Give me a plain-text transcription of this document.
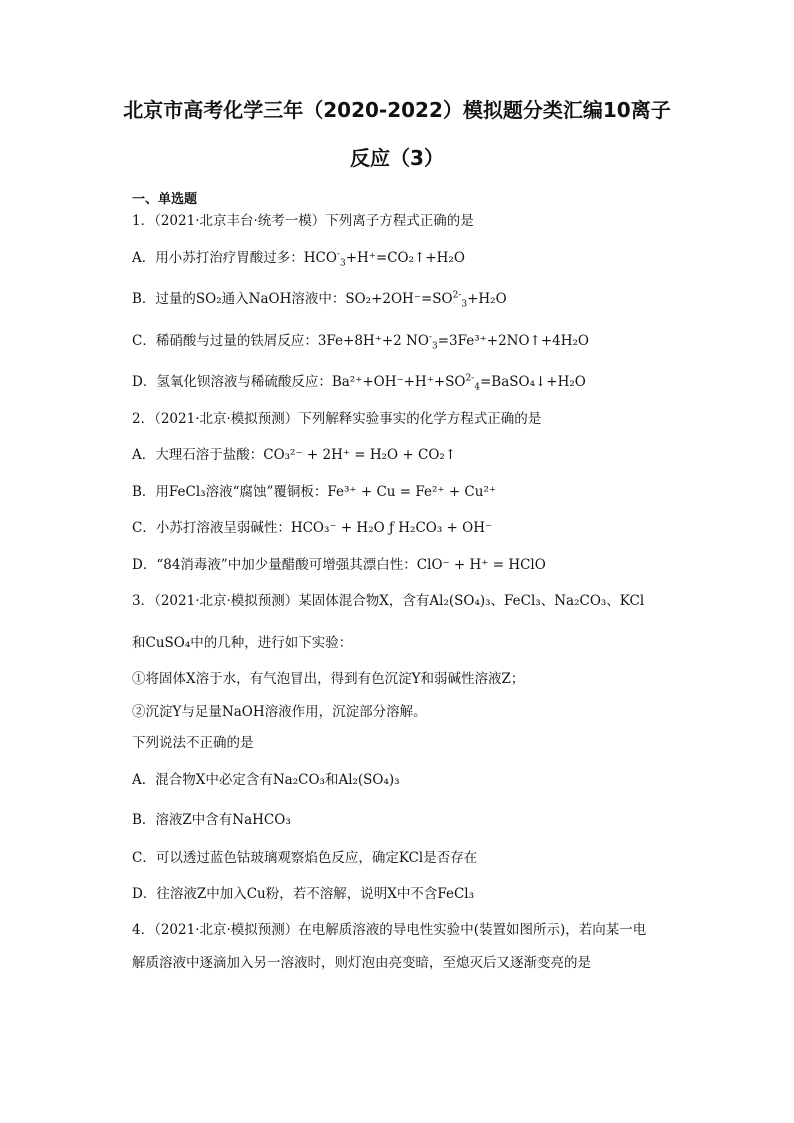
北京市高考化学三年（2020-2022）模拟题分类汇编10离子
反应（3）
一、单选题
1．（2021·北京丰台·统考一模）下列离子方程式正确的是
A．用小苏打治疗胃酸过多：$HCO^-_3+H^+=CO_2↑+H_2O$
B．过量的SO₂通入NaOH溶液中：$SO_2+2OH^-=SO^{2-}_3+H_2O$
C．稀硝酸与过量的铁屑反应：3Fe+8H⁺+2 $NO^-_3=3Fe^{3+}+2NO↑+4H_2O$
D．氢氧化钡溶液与稀硫酸反应：$Ba^{2+}+OH^-+H^++SO^{2-}_4=BaSO_4↓+H_2O$
2．（2021·北京·模拟预测）下列解释实验事实的化学方程式正确的是
A．大理石溶于盐酸：CO₃²⁻ + 2H⁺ = H₂O + CO₂↑
B．用FeCl₃溶液“腐蚀”覆铜板：Fe³⁺ + Cu = Fe²⁺ + Cu²⁺
C．小苏打溶液呈弱碱性：HCO₃⁻ + H₂O ƒ H₂CO₃ + OH⁻
D．“84消毒液”中加少量醋酸可增强其漂白性：ClO⁻ + H⁺ = HClO
3．（2021·北京·模拟预测）某固体混合物X，含有Al₂(SO₄)₃、FeCl₃、Na₂CO₃、KCl
和CuSO₄中的几种，进行如下实验：
①将固体X溶于水，有气泡冒出，得到有色沉淀Y和弱碱性溶液Z；
②沉淀Y与足量NaOH溶液作用，沉淀部分溶解。
下列说法不正确的是
A．混合物X中必定含有Na₂CO₃和Al₂(SO₄)₃
B．溶液Z中含有NaHCO₃
C．可以透过蓝色钴玻璃观察焰色反应，确定KCl是否存在
D．往溶液Z中加入Cu粉，若不溶解，说明X中不含FeCl₃
4．（2021·北京·模拟预测）在电解质溶液的导电性实验中(装置如图所示)，若向某一电
解质溶液中逐滴加入另一溶液时，则灯泡由亮变暗，至熄灭后又逐渐变亮的是
